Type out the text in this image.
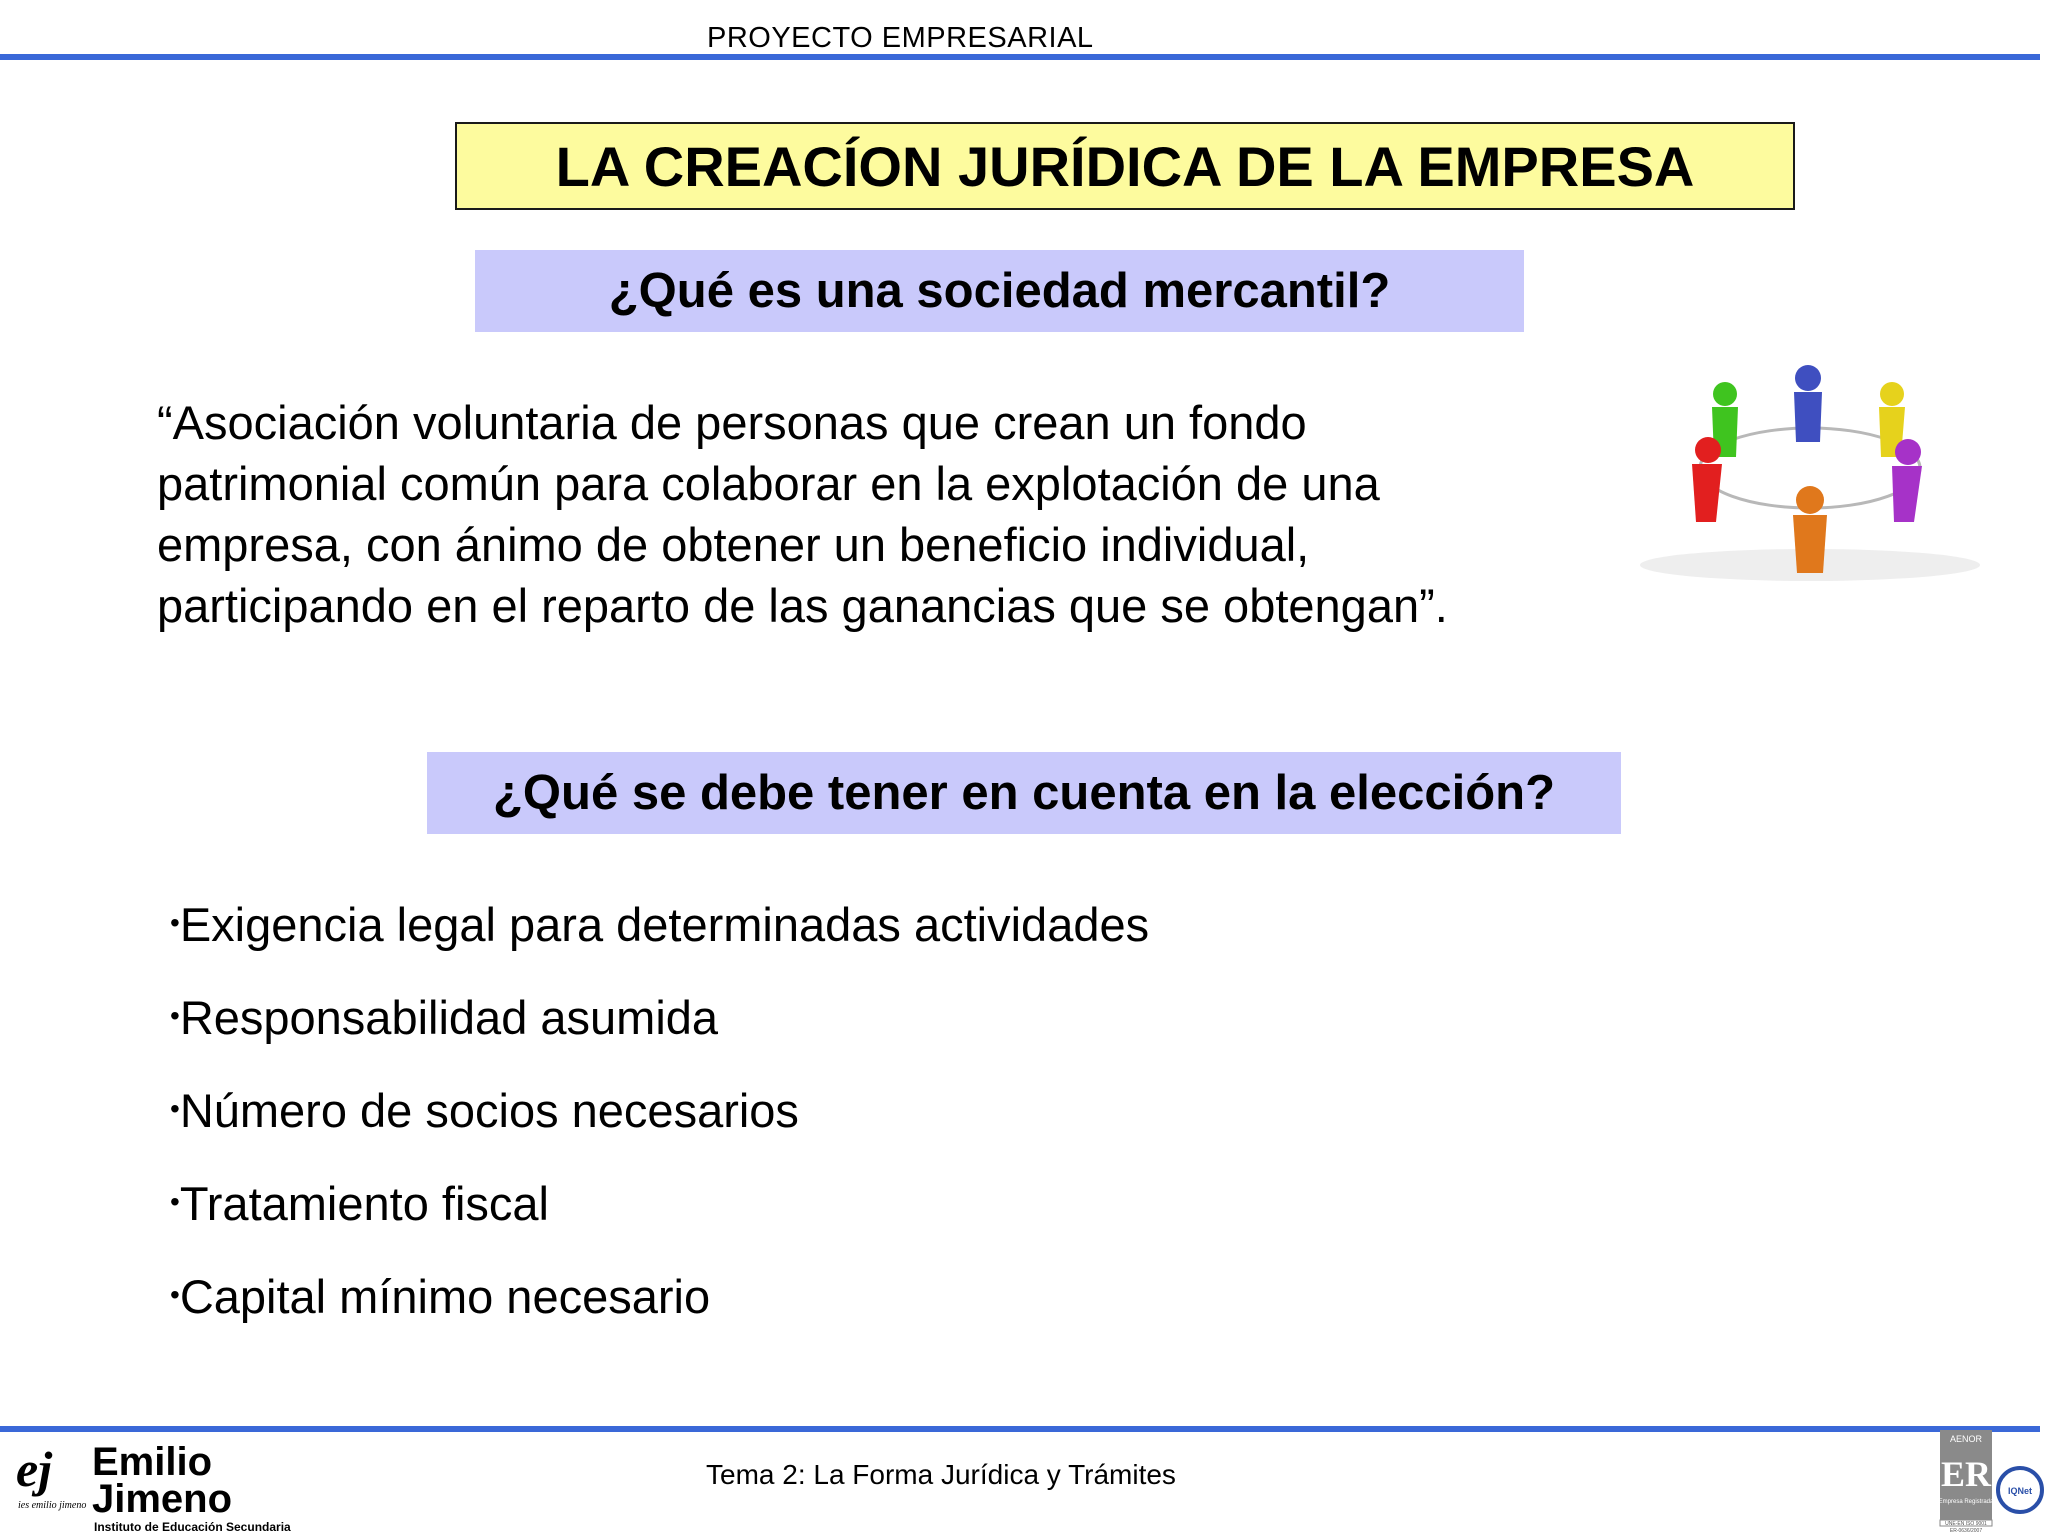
PROYECTO EMPRESARIAL
LA CREACÍON JURÍDICA DE LA EMPRESA
¿Qué es una sociedad mercantil?
“Asociación voluntaria de personas que crean un fondo
patrimonial común para colaborar en la explotación de una
empresa, con ánimo de obtener un beneficio individual,
participando en el reparto de las ganancias que se obtengan”.
¿Qué se debe tener en cuenta en la elección?
•Exigencia legal para determinadas actividades
•Responsabilidad asumida
•Número de socios necesarios
•Tratamiento fiscal
•Capital mínimo necesario
ej
ies emilio jimeno
Emilio
Jimeno
Instituto de Educación Secundaria
Tema 2: La Forma Jurídica y Trámites
AENOR
ER
Empresa Registrada
UNE-EN ISO 9001
ER-0636/2007
IQNet
